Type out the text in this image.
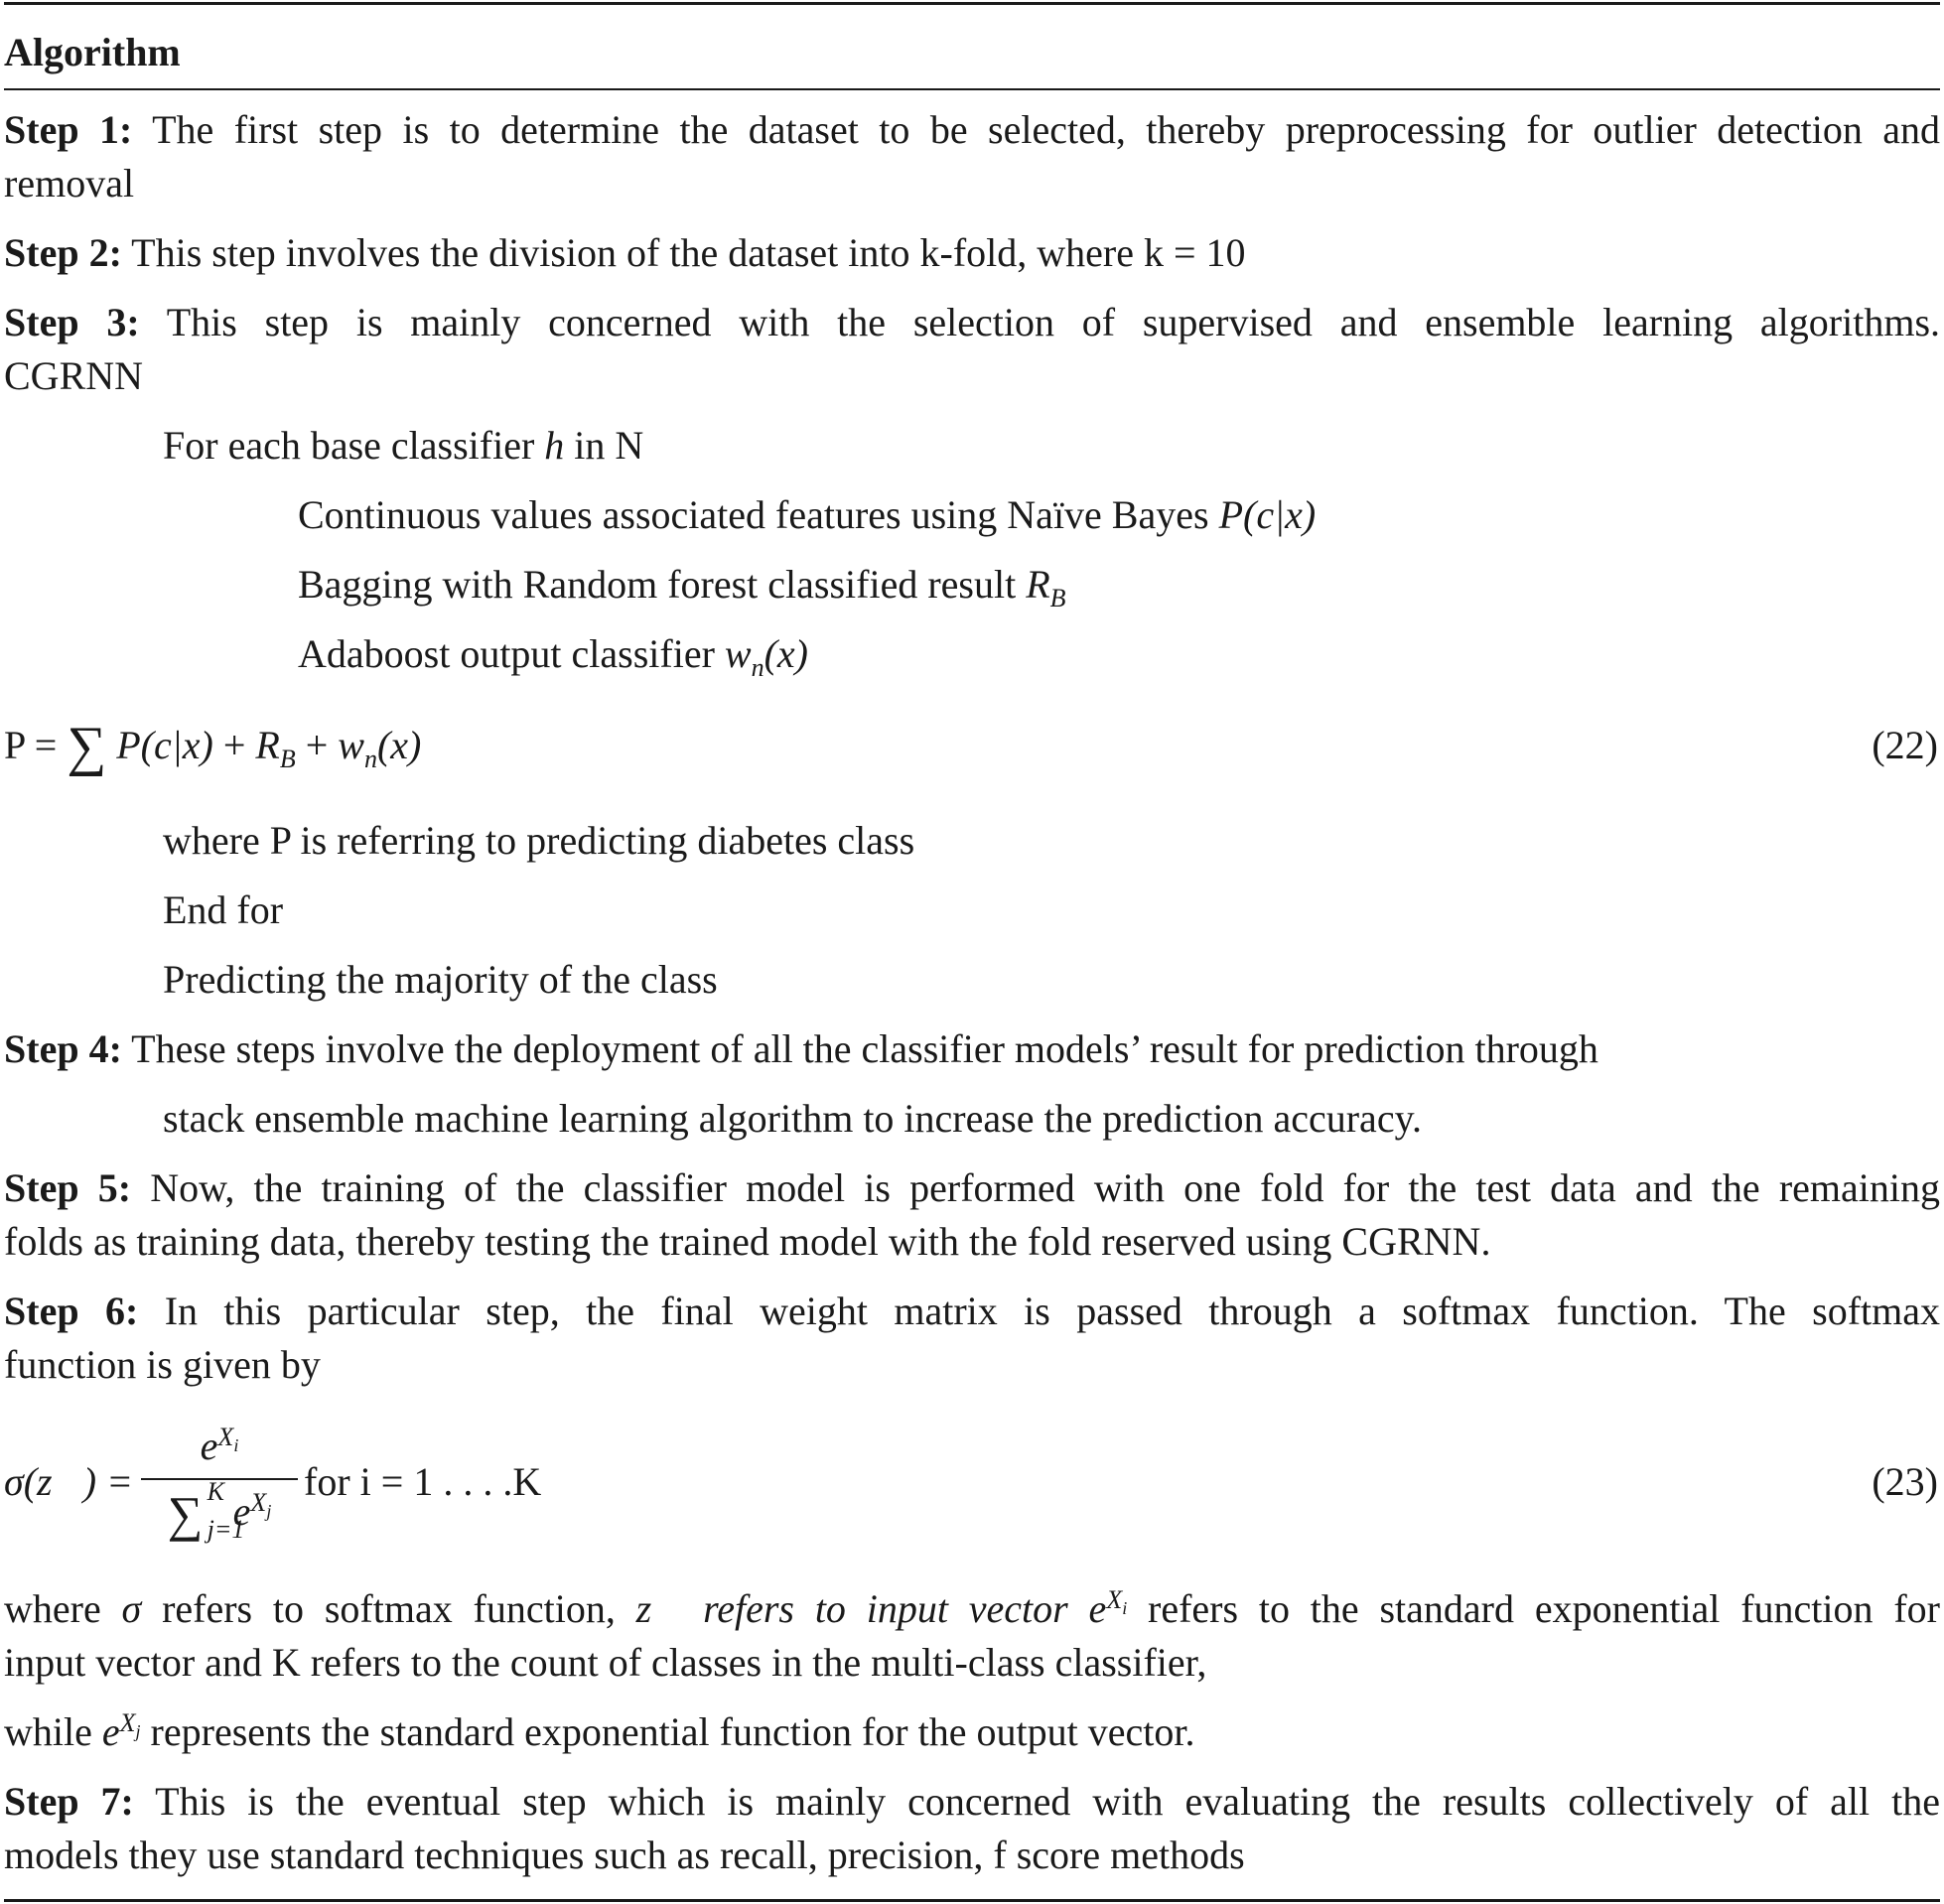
Algorithm
Step 1: The first step is to determine the dataset to be selected, thereby preprocessing for outlier detection and
removal
Step 2: This step involves the division of the dataset into k-fold, where k = 10
Step 3: This step is mainly concerned with the selection of supervised and ensemble learning algorithms.
CGRNN
For each base classifier h in N
Continuous values associated features using Naïve Bayes P(c|x)
Bagging with Random forest classified result $R_B$
Adaboost output classifier $w_n(x)$
P = ∑ $P(c|x) + R_B + w_n(x)$	(22)
where P is referring to predicting diabetes class
End for
Predicting the majority of the class
Step 4: These steps involve the deployment of all the classifier models’ result for prediction through
stack ensemble machine learning algorithm to increase the prediction accuracy.
Step 5: Now, the training of the classifier model is performed with one fold for the test data and the remaining
folds as training data, thereby testing the trained model with the fold reserved using CGRNN.
Step 6: In this particular step, the final weight matrix is passed through a softmax function. The softmax
function is given by
σ(z⃗) =
$e^{X_i}$
∑ K
j=1
$e^{X_j}$
for i = 1 . . . .K	(23)
where σ refers to softmax function, z⃗ refers to input vector $e^{X_i}$ refers to the standard exponential function for
input vector and K refers to the count of classes in the multi-class classifier,
while $e^{X_j}$ represents the standard exponential function for the output vector.
Step 7: This is the eventual step which is mainly concerned with evaluating the results collectively of all the
models they use standard techniques such as recall, precision, f score methods
